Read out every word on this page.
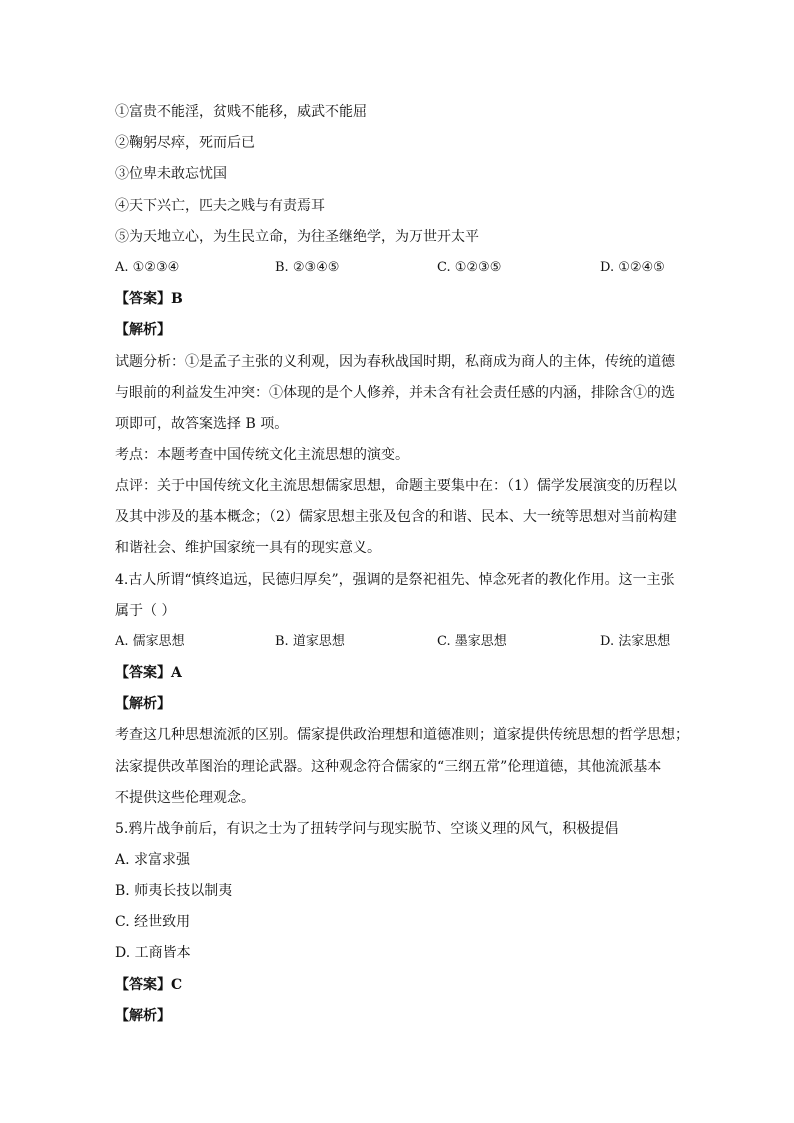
①富贵不能淫，贫贱不能移，威武不能屈
②鞠躬尽瘁，死而后已
③位卑未敢忘忧国
④天下兴亡，匹夫之贱与有责焉耳
⑤为天地立心，为生民立命，为往圣继绝学，为万世开太平
A. ①②③④	B. ②③④⑤	C. ①②③⑤	D. ①②④⑤
【答案】B
【解析】
试题分析：①是孟子主张的义利观，因为春秋战国时期，私商成为商人的主体，传统的道德
与眼前的利益发生冲突：①体现的是个人修养，并未含有社会责任感的内涵，排除含①的选
项即可，故答案选择 B 项。
考点：本题考查中国传统文化主流思想的演变。
点评：关于中国传统文化主流思想儒家思想，命题主要集中在：（1）儒学发展演变的历程以
及其中涉及的基本概念；（2）儒家思想主张及包含的和谐、民本、大一统等思想对当前构建
和谐社会、维护国家统一具有的现实意义。
4.古人所谓“慎终追远，民德归厚矣”，强调的是祭祀祖先、悼念死者的教化作用。这一主张
属于（ ）
A. 儒家思想	B. 道家思想	C. 墨家思想	D. 法家思想
【答案】A
【解析】
考查这几种思想流派的区别。儒家提供政治理想和道德准则；道家提供传统思想的哲学思想；
法家提供改革图治的理论武器。这种观念符合儒家的“三纲五常”伦理道德，其他流派基本
不提供这些伦理观念。
5.鸦片战争前后，有识之士为了扭转学问与现实脱节、空谈义理的风气，积极提倡
A. 求富求强
B. 师夷长技以制夷
C. 经世致用
D. 工商皆本
【答案】C
【解析】
